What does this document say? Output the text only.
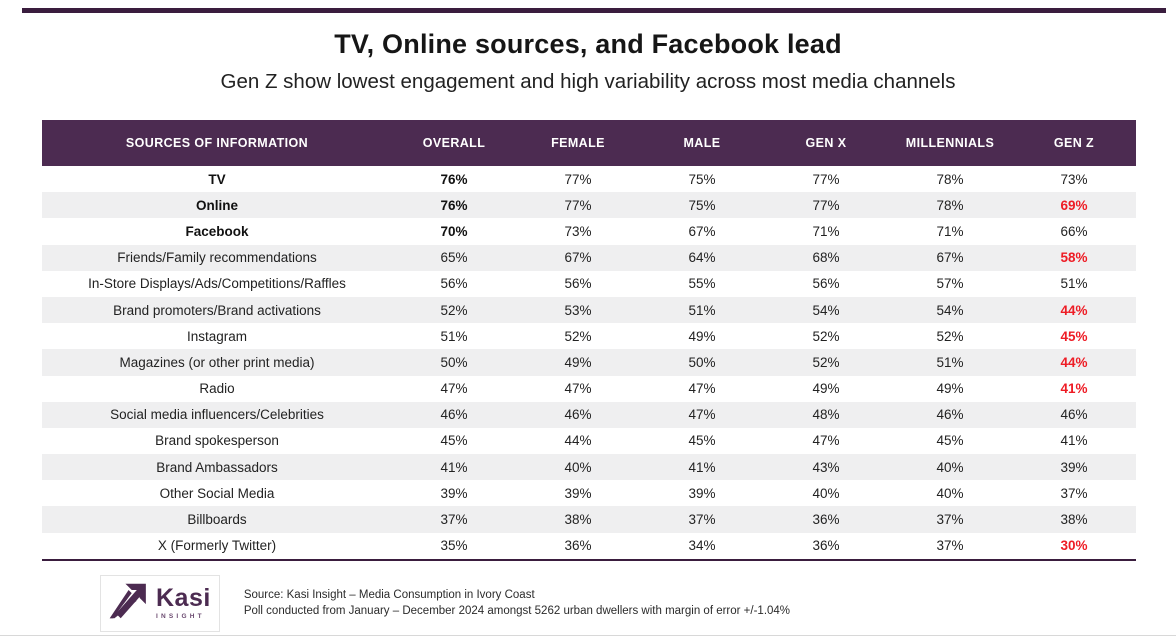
TV, Online sources, and Facebook lead
Gen Z show lowest engagement and high variability across most media channels
SOURCES OF INFORMATION	OVERALL	FEMALE	MALE	GEN X	MILLENNIALS	GEN Z
TV	76%	77%	75%	77%	78%	73%
Online	76%	77%	75%	77%	78%	69%
Facebook	70%	73%	67%	71%	71%	66%
Friends/Family recommendations	65%	67%	64%	68%	67%	58%
In-Store Displays/Ads/Competitions/Raffles	56%	56%	55%	56%	57%	51%
Brand promoters/Brand activations	52%	53%	51%	54%	54%	44%
Instagram	51%	52%	49%	52%	52%	45%
Magazines (or other print media)	50%	49%	50%	52%	51%	44%
Radio	47%	47%	47%	49%	49%	41%
Social media influencers/Celebrities	46%	46%	47%	48%	46%	46%
Brand spokesperson	45%	44%	45%	47%	45%	41%
Brand Ambassadors	41%	40%	41%	43%	40%	39%
Other Social Media	39%	39%	39%	40%	40%	37%
Billboards	37%	38%	37%	36%	37%	38%
X (Formerly Twitter)	35%	36%	34%	36%	37%	30%
Kasi
INSIGHT
Source: Kasi Insight – Media Consumption in Ivory Coast
Poll conducted from January – December 2024 amongst 5262 urban dwellers with margin of error +/-1.04%
